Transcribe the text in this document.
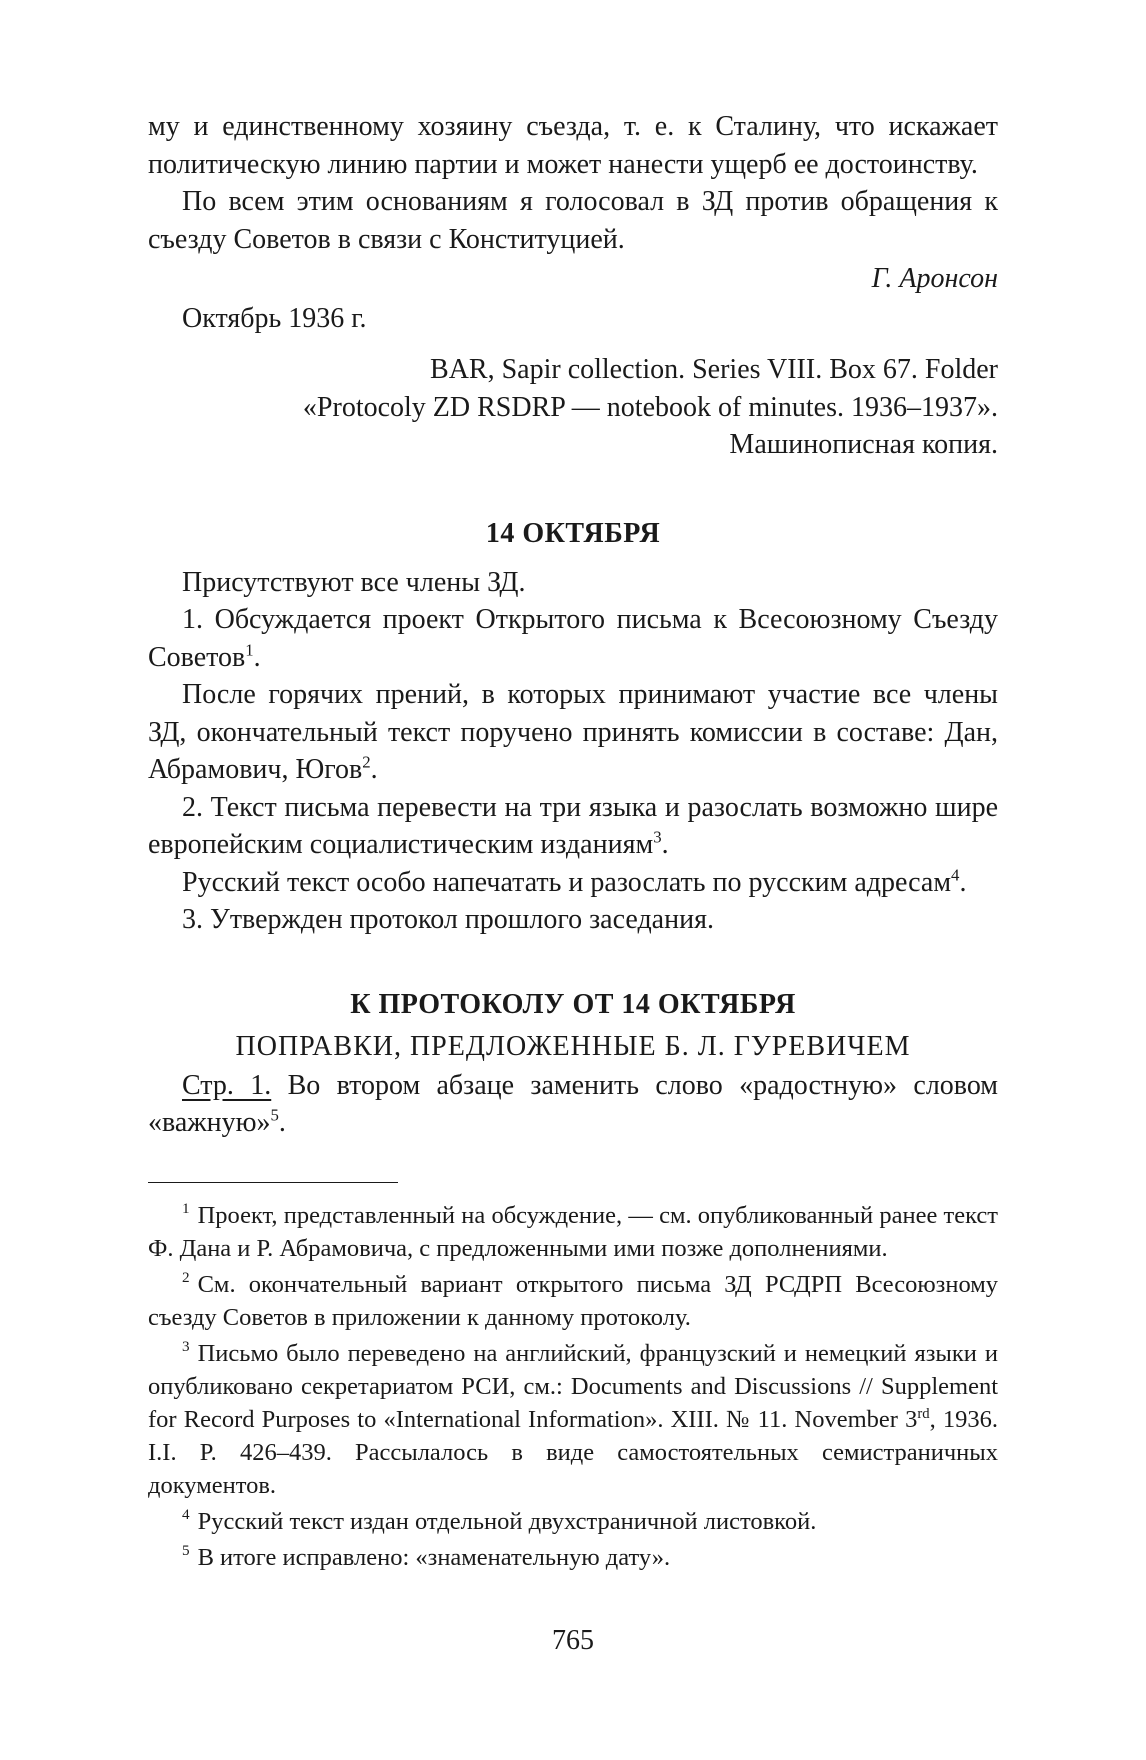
му и единственному хозяину съезда, т. е. к Сталину, что искажает политическую линию партии и может нанести ущерб ее достоинству.

По всем этим основаниям я голосовал в ЗД против обращения к съезду Советов в связи с Конституцией.

Г. Аронсон

Октябрь 1936 г.

BAR, Sapir collection. Series VIII. Box 67. Folder

«Protocoly ZD RSDRP — notebook of minutes. 1936–1937».

Машинописная копия.

14 ОКТЯБРЯ

Присутствуют все члены ЗД.

1. Обсуждается проект Открытого письма к Всесоюзному Съезду Советов$^1$.

После горячих прений, в которых принимают участие все члены ЗД, окончательный текст поручено принять комиссии в составе: Дан, Абрамович, Югов$^2$.

2. Текст письма перевести на три языка и разослать возможно шире европейским социалистическим изданиям$^3$.

Русский текст особо напечатать и разослать по русским адресам$^4$.

3. Утвержден протокол прошлого заседания.

К ПРОТОКОЛУ ОТ 14 ОКТЯБРЯ

ПОПРАВКИ, ПРЕДЛОЖЕННЫЕ Б. Л. ГУРЕВИЧЕМ

Стр. 1. Во втором абзаце заменить слово «радостную» словом «важную»$^5$.

$^1$ Проект, представленный на обсуждение, — см. опубликованный ранее текст Ф. Дана и Р. Абрамовича, с предложенными ими позже дополнениями.

$^2$ См. окончательный вариант открытого письма ЗД РСДРП Всесоюзному съезду Советов в приложении к данному протоколу.

$^3$ Письмо было переведено на английский, французский и немецкий языки и опубликовано секретариатом РСИ, см.: Documents and Discussions // Supplement for Record Purposes to «International Information». XIII. № 11. November 3rd, 1936. I.I. P. 426–439. Рассылалось в виде самостоятельных семистраничных документов.

$^4$ Русский текст издан отдельной двухстраничной листовкой.

$^5$ В итоге исправлено: «знаменательную дату».

765
